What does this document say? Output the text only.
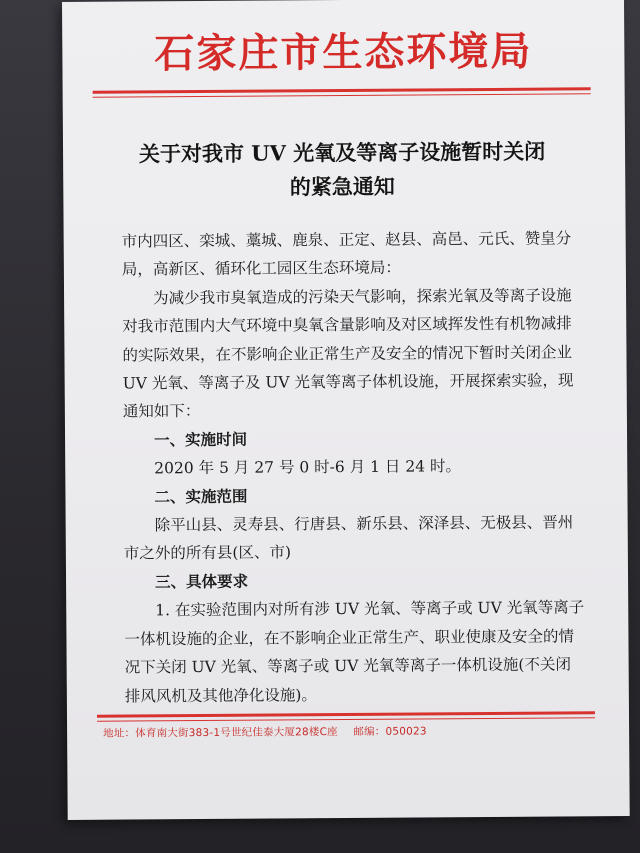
石家庄市生态环境局
关于对我市 UV 光氧及等离子设施暂时关闭
的紧急通知

市内四区、栾城、藁城、鹿泉、正定、赵县、高邑、元氏、赞皇分局，高新区、循环化工园区生态环境局：

为减少我市臭氧造成的污染天气影响，探索光氧及等离子设施对我市范围内大气环境中臭氧含量影响及对区域挥发性有机物减排的实际效果，在不影响企业正常生产及安全的情况下暂时关闭企业 UV 光氧、等离子及 UV 光氧等离子体机设施，开展探索实验，现通知如下：

一、实施时间

2020 年 5 月 27 号 0 时-6 月 1 日 24 时。

二、实施范围

除平山县、灵寿县、行唐县、新乐县、深泽县、无极县、晋州市之外的所有县(区、市)

三、具体要求

1. 在实验范围内对所有涉 UV 光氧、等离子或 UV 光氧等离子一体机设施的企业，在不影响企业正常生产、职业使康及安全的情况下关闭 UV 光氧、等离子或 UV 光氧等离子一体机设施(不关闭排风风机及其他净化设施)。

地址：体育南大街383-1号世纪佳泰大厦28楼C座 邮编：050023
